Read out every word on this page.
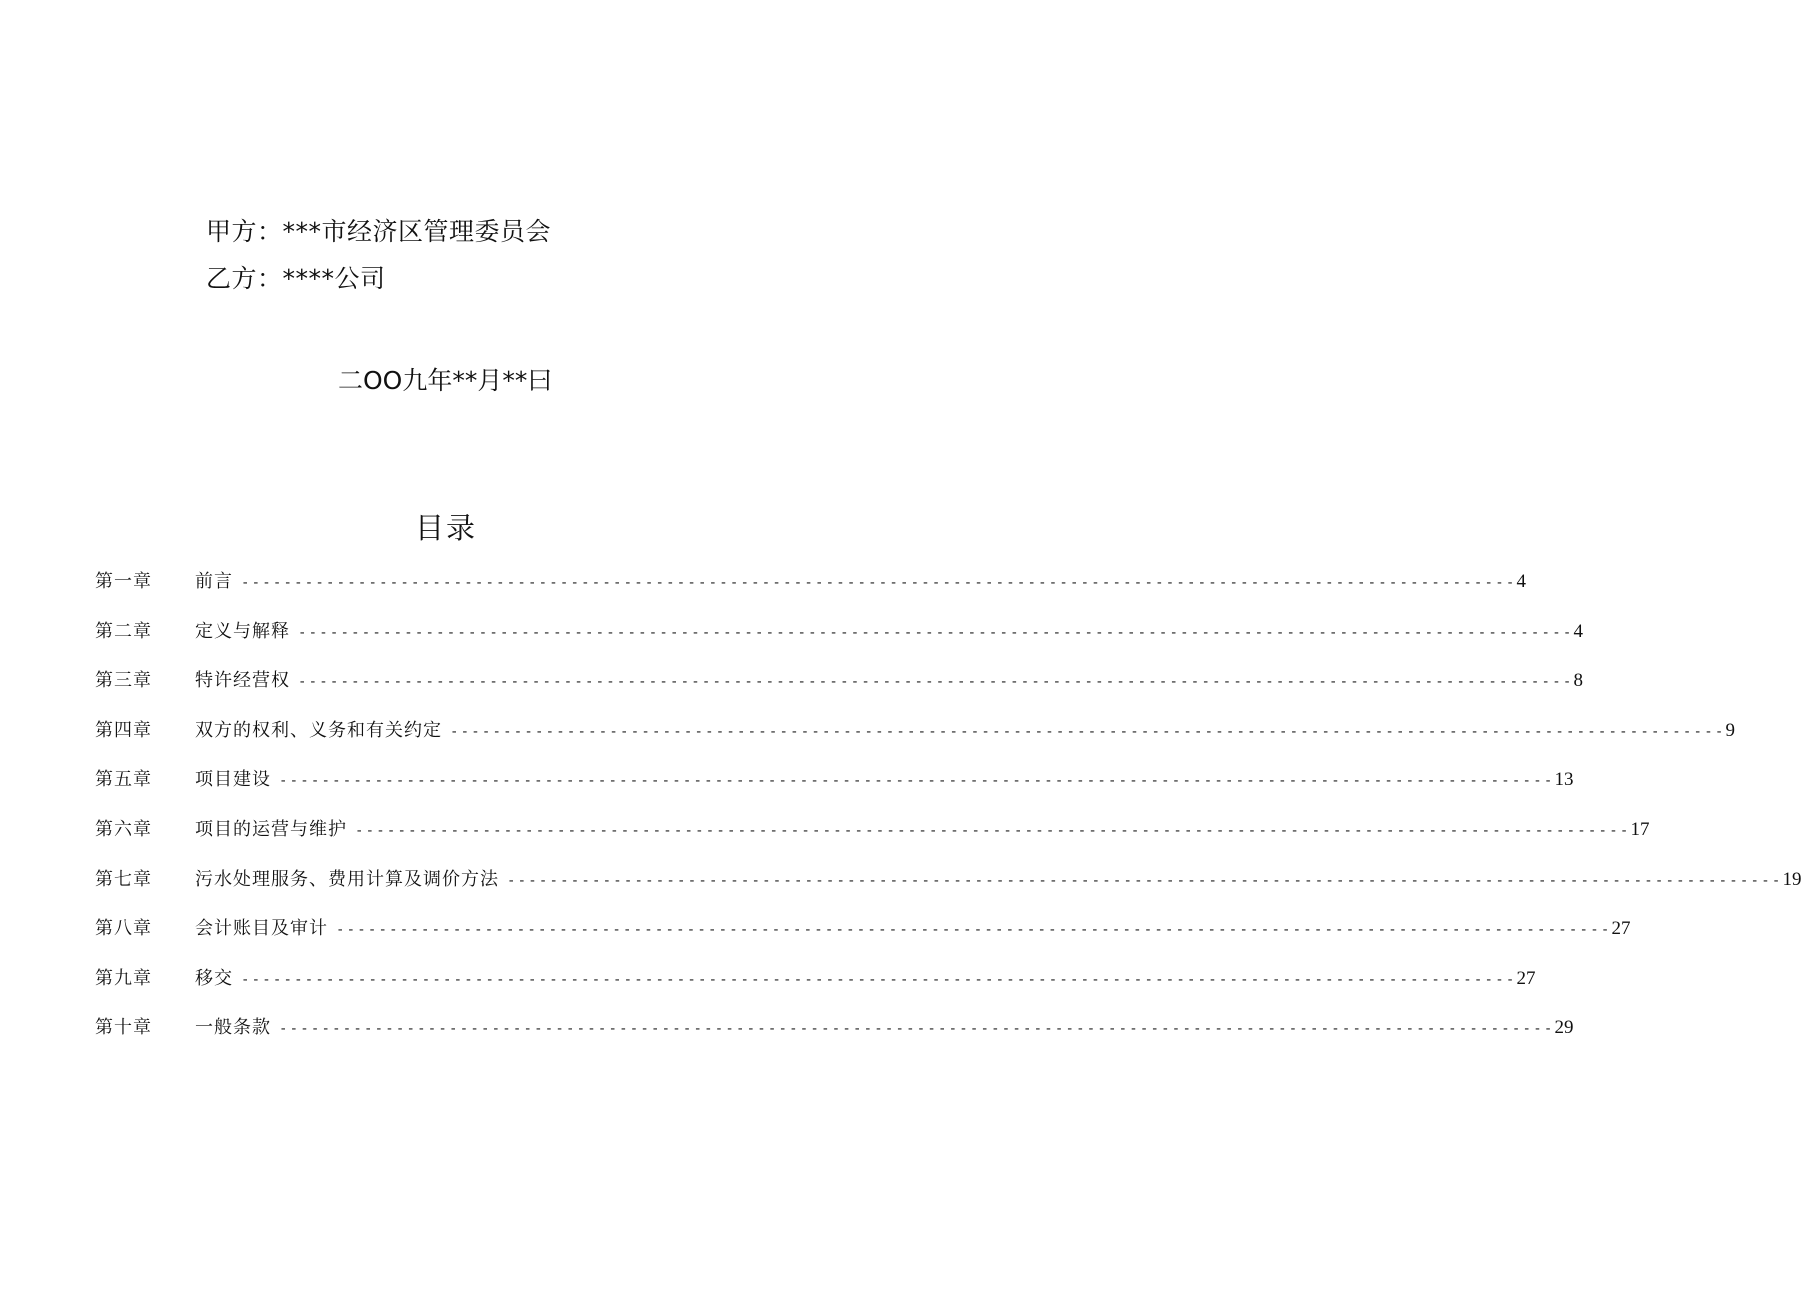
甲方：***市经济区管理委员会
乙方：****公司
二OO九年**月**曰
目录
第一章	前言 ------------------------------------------------------------------------------------------------------------------------ 4
第二章	定义与解释 ------------------------------------------------------------------------------------------------------------------------ 4
第三章	特许经营权 ------------------------------------------------------------------------------------------------------------------------ 8
第四章	双方的权利、义务和有关约定 ------------------------------------------------------------------------------------------------------------------------ 9
第五章	项目建设 ------------------------------------------------------------------------------------------------------------------------ 13
第六章	项目的运营与维护 ------------------------------------------------------------------------------------------------------------------------ 17
第七章	污水处理服务、费用计算及调价方法 ------------------------------------------------------------------------------------------------------------------------ 19
第八章	会计账目及审计 ------------------------------------------------------------------------------------------------------------------------ 27
第九章	移交 ------------------------------------------------------------------------------------------------------------------------ 27
第十章	一般条款 ------------------------------------------------------------------------------------------------------------------------ 29
